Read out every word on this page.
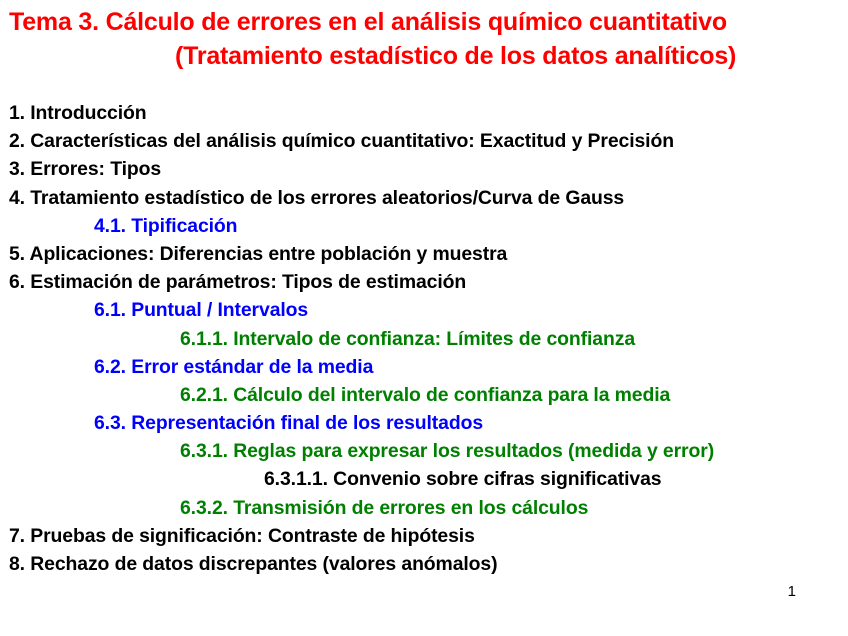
Tema 3. Cálculo de errores en el análisis químico cuantitativo
(Tratamiento estadístico de los datos analíticos)
1. Introducción
2. Características del análisis químico cuantitativo: Exactitud y Precisión
3. Errores: Tipos
4. Tratamiento estadístico de los errores aleatorios/Curva de Gauss
4.1. Tipificación
5. Aplicaciones: Diferencias entre población y muestra
6. Estimación de parámetros: Tipos de estimación
6.1. Puntual / Intervalos
6.1.1. Intervalo de confianza: Límites de confianza
6.2. Error estándar de la media
6.2.1. Cálculo del intervalo de confianza para la media
6.3. Representación final de los resultados
6.3.1. Reglas para expresar los resultados (medida y error)
6.3.1.1. Convenio sobre cifras significativas
6.3.2. Transmisión de errores en los cálculos
7. Pruebas de significación: Contraste de hipótesis
8. Rechazo de datos discrepantes (valores anómalos)
1
